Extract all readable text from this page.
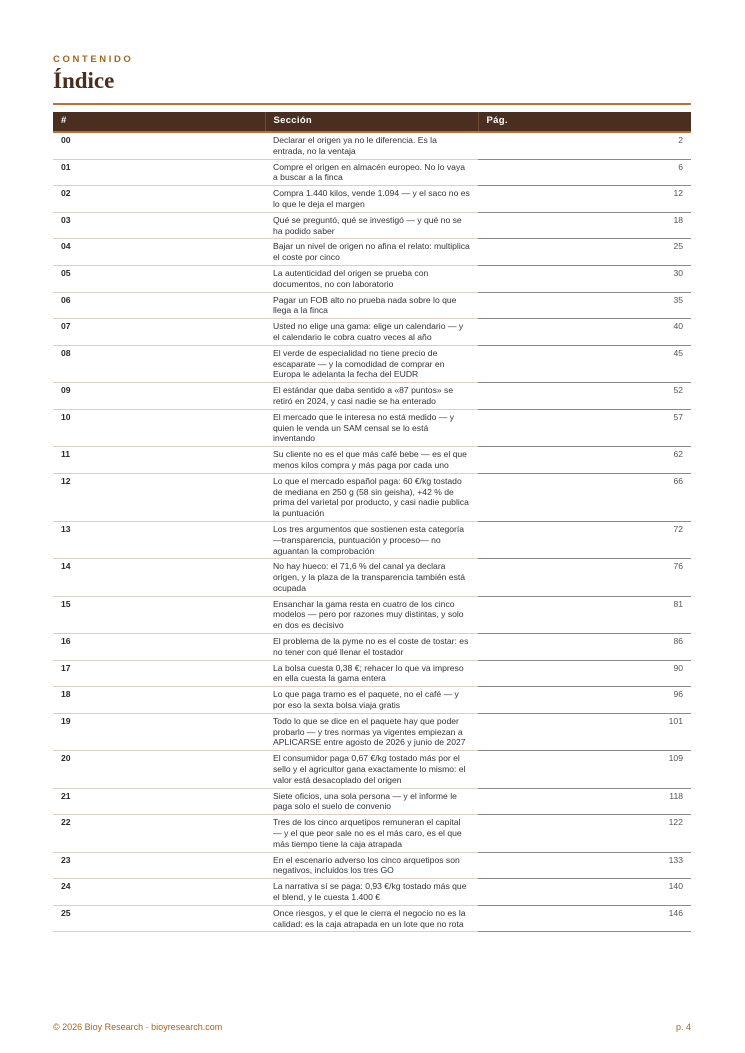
CONTENIDO
Índice
#	Sección	Pág.
00	Declarar el origen ya no le diferencia. Es la entrada, no la ventaja	2
01	Compre el origen en almacén europeo. No lo vaya a buscar a la finca	6
02	Compra 1.440 kilos, vende 1.094 — y el saco no es lo que le deja el margen	12
03	Qué se preguntó, qué se investigó — y qué no se ha podido saber	18
04	Bajar un nivel de origen no afina el relato: multiplica el coste por cinco	25
05	La autenticidad del origen se prueba con documentos, no con laboratorio	30
06	Pagar un FOB alto no prueba nada sobre lo que llega a la finca	35
07	Usted no elige una gama: elige un calendario — y el calendario le cobra cuatro veces al año	40
08	El verde de especialidad no tiene precio de escaparate — y la comodidad de comprar en Europa le adelanta la fecha del EUDR	45
09	El estándar que daba sentido a «87 puntos» se retiró en 2024, y casi nadie se ha enterado	52
10	El mercado que le interesa no está medido — y quien le venda un SAM censal se lo está inventando	57
11	Su cliente no es el que más café bebe — es el que menos kilos compra y más paga por cada uno	62
12	Lo que el mercado español paga: 60 €/kg tostado de mediana en 250 g (58 sin geisha), +42 % de prima del varietal por producto, y casi nadie publica la puntuación	66
13	Los tres argumentos que sostienen esta categoría —transparencia, puntuación y proceso— no aguantan la comprobación	72
14	No hay hueco: el 71,6 % del canal ya declara origen, y la plaza de la transparencia también está ocupada	76
15	Ensanchar la gama resta en cuatro de los cinco modelos — pero por razones muy distintas, y solo en dos es decisivo	81
16	El problema de la pyme no es el coste de tostar: es no tener con qué llenar el tostador	86
17	La bolsa cuesta 0,38 €; rehacer lo que va impreso en ella cuesta la gama entera	90
18	Lo que paga tramo es el paquete, no el café — y por eso la sexta bolsa viaja gratis	96
19	Todo lo que se dice en el paquete hay que poder probarlo — y tres normas ya vigentes empiezan a APLICARSE entre agosto de 2026 y junio de 2027	101
20	El consumidor paga 0,67 €/kg tostado más por el sello y el agricultor gana exactamente lo mismo: el valor está desacoplado del origen	109
21	Siete oficios, una sola persona — y el informe le paga solo el suelo de convenio	118
22	Tres de los cinco arquetipos remuneran el capital — y el que peor sale no es el más caro, es el que más tiempo tiene la caja atrapada	122
23	En el escenario adverso los cinco arquetipos son negativos, incluidos los tres GO	133
24	La narrativa sí se paga: 0,93 €/kg tostado más que el blend, y le cuesta 1.400 €	140
25	Once riesgos, y el que le cierra el negocio no es la calidad: es la caja atrapada en un lote que no rota	146
© 2026 Bioy Research · bioyresearch.com	p. 4
